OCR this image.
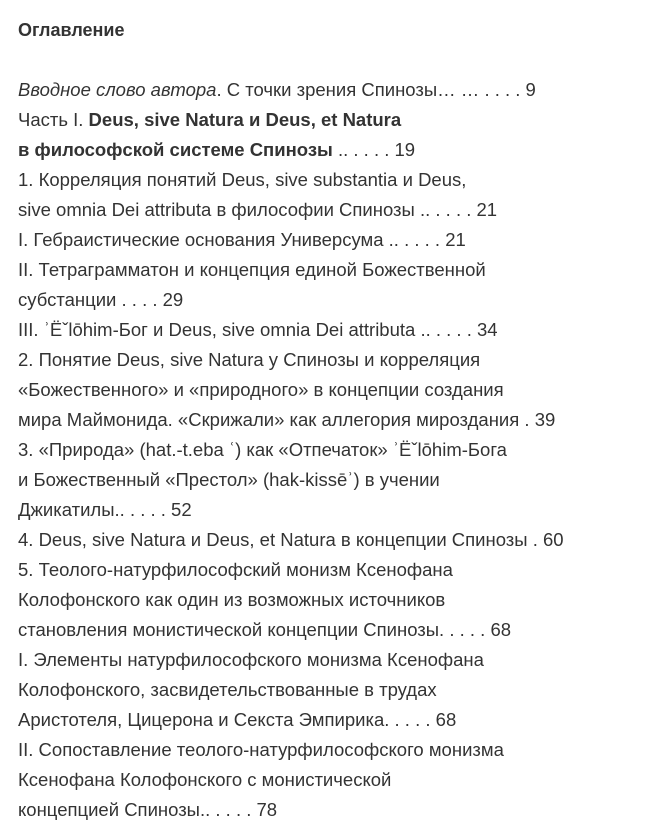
Оглавление
Вводное слово автора. С точки зрения Спинозы… … . . . . 9
Часть I. Deus, sive Natura и Deus, et Natura
в философской системе Спинозы .. . . . . 19
1. Корреляция понятий Deus, sive substantia и Deus,
sive omnia Dei attributa в философии Спинозы .. . . . . 21
I. Гебраистические основания Универсума .. . . . . 21
II. Тетраграмматон и концепция единой Божественной
субстанции . . . . 29
III. ʾЁˇlōhim-Бог и Deus, sive omnia Dei attributa .. . . . . 34
2. Понятие Deus, sive Natura у Спинозы и корреляция
«Божественного» и «природного» в концепции создания
мира Маймонида. «Скрижали» как аллегория мироздания . 39
3. «Природа» (hat.-t.eba ʿ) как «Отпечаток» ʾЁˇlōhim-Бога
и Божественный «Престол» (hak-kissēʾ) в учении
Джикатилы.. . . . . 52
4. Deus, sive Natura и Deus, et Natura в концепции Спинозы . 60
5. Теолого-натурфилософский монизм Ксенофана
Колофонского как один из возможных источников
становления монистической концепции Спинозы. . . . . 68
I. Элементы натурфилософского монизма Ксенофана
Колофонского, засвидетельствованные в трудах
Аристотеля, Цицерона и Секста Эмпирика. . . . . 68
II. Сопоставление теолого-натурфилософского монизма
Ксенофана Колофонского с монистической
концепцией Спинозы.. . . . . 78
